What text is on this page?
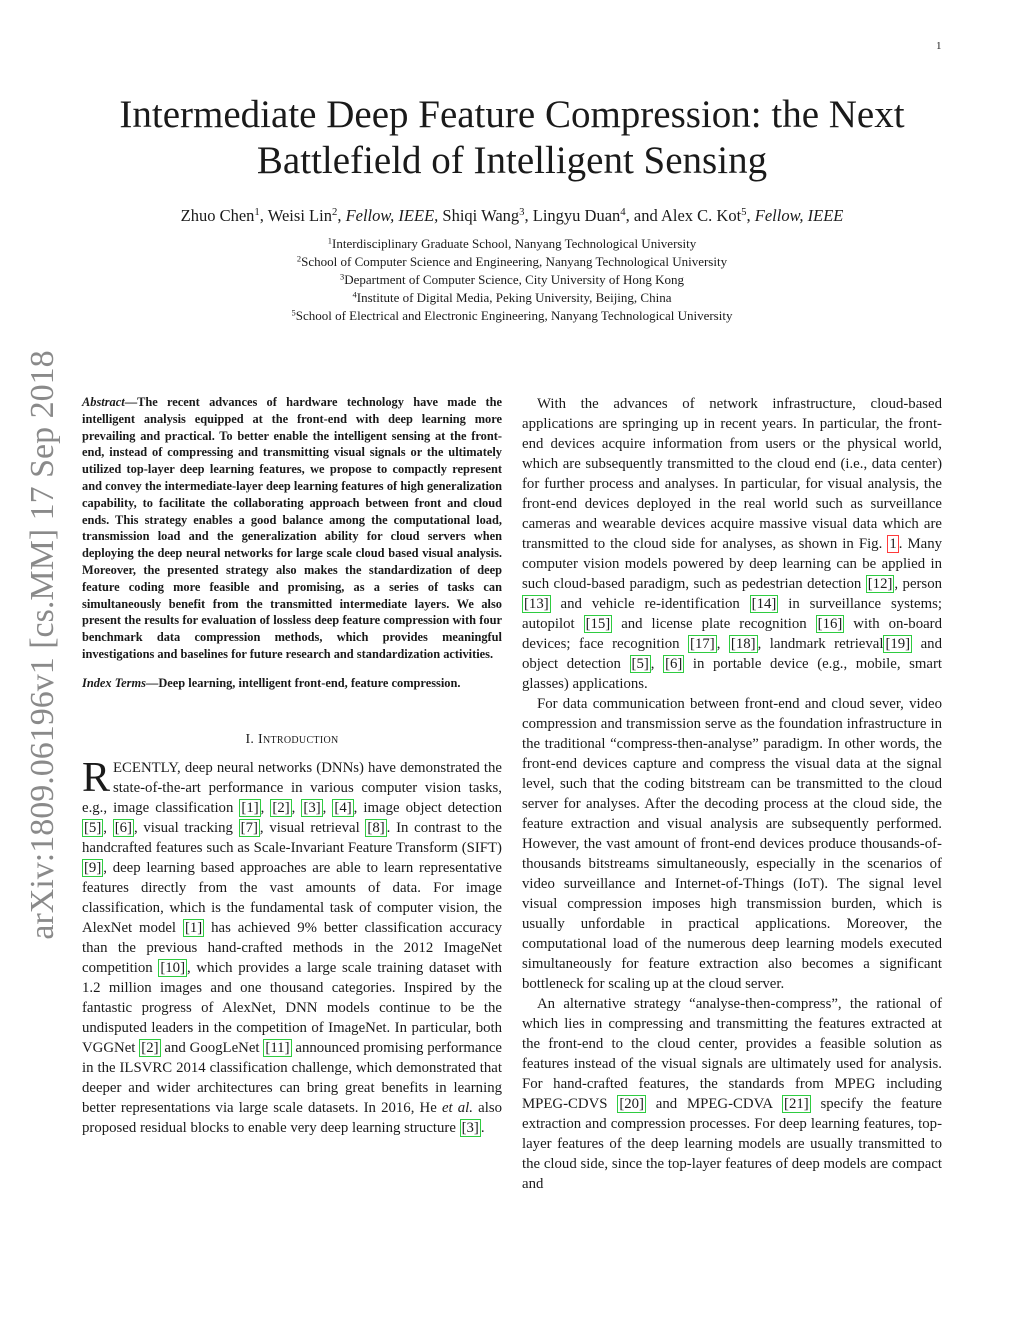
1
arXiv:1809.06196v1 [cs.MM] 17 Sep 2018
Intermediate Deep Feature Compression: the Next
Battlefield of Intelligent Sensing
Zhuo Chen$^1$, Weisi Lin$^2$, Fellow, IEEE, Shiqi Wang$^3$, Lingyu Duan$^4$, and Alex C. Kot$^5$, Fellow, IEEE
$^1$Interdisciplinary Graduate School, Nanyang Technological University
$^2$School of Computer Science and Engineering, Nanyang Technological University
$^3$Department of Computer Science, City University of Hong Kong
$^4$Institute of Digital Media, Peking University, Beijing, China
$^5$School of Electrical and Electronic Engineering, Nanyang Technological University

Abstract—The recent advances of hardware technology have made the intelligent analysis equipped at the front-end with deep learning more prevailing and practical. To better enable the intelligent sensing at the front-end, instead of compressing and transmitting visual signals or the ultimately utilized top-layer deep learning features, we propose to compactly represent and convey the intermediate-layer deep learning features of high generalization capability, to facilitate the collaborating approach between front and cloud ends. This strategy enables a good balance among the computational load, transmission load and the generalization ability for cloud servers when deploying the deep neural networks for large scale cloud based visual analysis. Moreover, the presented strategy also makes the standardization of deep feature coding more feasible and promising, as a series of tasks can simultaneously benefit from the transmitted intermediate layers. We also present the results for evaluation of lossless deep feature compression with four benchmark data compression methods, which provides meaningful investigations and baselines for future research and standardization activities.

Index Terms—Deep learning, intelligent front-end, feature compression.

I. Introduction

RECENTLY, deep neural networks (DNNs) have demonstrated the state-of-the-art performance in various computer vision tasks, e.g., image classification [1] , [2] , [3] , [4] , image object detection [5] , [6] , visual tracking [7] , visual retrieval [8] . In contrast to the handcrafted features such as Scale-Invariant Feature Transform (SIFT) [9] , deep learning based approaches are able to learn representative features directly from the vast amounts of data. For image classification, which is the fundamental task of computer vision, the AlexNet model [1] has achieved 9% better classification accuracy than the previous hand-crafted methods in the 2012 ImageNet competition [10] , which provides a large scale training dataset with 1.2 million images and one thousand categories. Inspired by the fantastic progress of AlexNet, DNN models continue to be the undisputed leaders in the competition of ImageNet. In particular, both VGGNet [2] and GoogLeNet [11] announced promising performance in the ILSVRC 2014 classification challenge, which demonstrated that deeper and wider architectures can bring great benefits in learning better representations via large scale datasets. In 2016, He et al. also proposed residual blocks to enable very deep learning structure [3] .

With the advances of network infrastructure, cloud-based applications are springing up in recent years. In particular, the front-end devices acquire information from users or the physical world, which are subsequently transmitted to the cloud end (i.e., data center) for further process and analyses. In particular, for visual analysis, the front-end devices deployed in the real world such as surveillance cameras and wearable devices acquire massive visual data which are transmitted to the cloud side for analyses, as shown in Fig. 1 . Many computer vision models powered by deep learning can be applied in such cloud-based paradigm, such as pedestrian detection [12] , person [13] and vehicle re-identification [14] in surveillance systems; autopilot [15] and license plate recognition [16] with on-board devices; face recognition [17] , [18] , landmark retrieval [19] and object detection [5] , [6] in portable device (e.g., mobile, smart glasses) applications.

For data communication between front-end and cloud sever, video compression and transmission serve as the foundation infrastructure in the traditional “compress-then-analyse” paradigm. In other words, the front-end devices capture and compress the visual data at the signal level, such that the coding bitstream can be transmitted to the cloud server for analyses. After the decoding process at the cloud side, the feature extraction and visual analysis are subsequently performed. However, the vast amount of front-end devices produce thousands-of-thousands bitstreams simultaneously, especially in the scenarios of video surveillance and Internet-of-Things (IoT). The signal level visual compression imposes high transmission burden, which is usually unfordable in practical applications. Moreover, the computational load of the numerous deep learning models executed simultaneously for feature extraction also becomes a significant bottleneck for scaling up at the cloud server.

An alternative strategy “analyse-then-compress”, the rational of which lies in compressing and transmitting the features extracted at the front-end to the cloud center, provides a feasible solution as features instead of the visual signals are ultimately used for analysis. For hand-crafted features, the standards from MPEG including MPEG-CDVS [20] and MPEG-CDVA [21] specify the feature extraction and compression processes. For deep learning features, top-layer features of the deep learning models are usually transmitted to the cloud side, since the top-layer features of deep models are compact and
